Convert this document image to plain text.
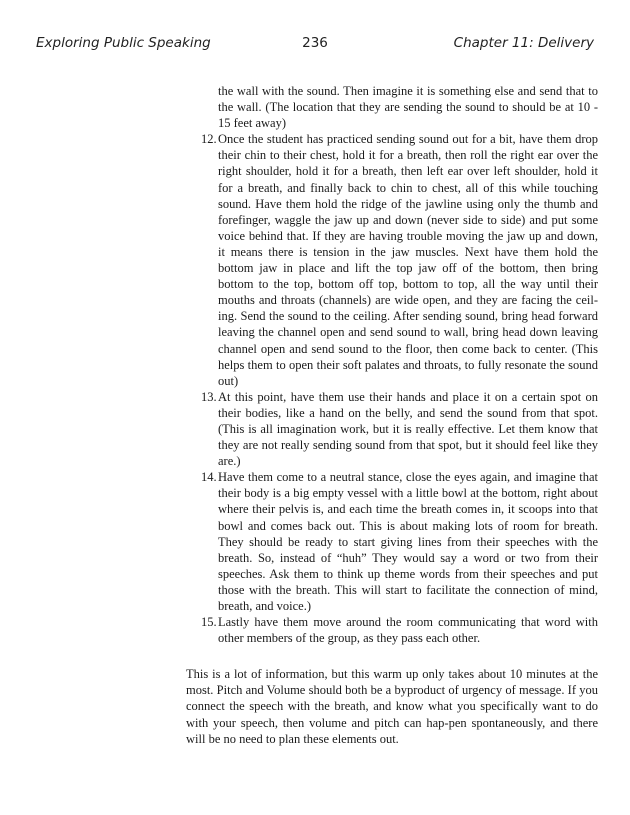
Exploring Public Speaking	236	Chapter 11: Delivery
the wall with the sound. Then imagine it is something else and send that to the wall. (The location that they are sending the sound to should be at 10 - 15 feet away)
12. Once the student has practiced sending sound out for a bit, have them drop their chin to their chest, hold it for a breath, then roll the right ear over the right shoulder, hold it for a breath, then left ear over left shoulder, hold it for a breath, and finally back to chin to chest, all of this while touching sound. Have them hold the ridge of the jawline using only the thumb and forefinger, waggle the jaw up and down (never side to side) and put some voice behind that. If they are having trouble moving the jaw up and down, it means there is tension in the jaw muscles. Next have them hold the bottom jaw in place and lift the top jaw off of the bottom, then bring bottom to the top, bottom off top, bottom to top, all the way until their mouths and throats (channels) are wide open, and they are facing the ceil-ing. Send the sound to the ceiling. After sending sound, bring head forward leaving the channel open and send sound to wall, bring head down leaving channel open and send sound to the floor, then come back to center. (This helps them to open their soft palates and throats, to fully resonate the sound out)
13. At this point, have them use their hands and place it on a certain spot on their bodies, like a hand on the belly, and send the sound from that spot. (This is all imagination work, but it is really effective. Let them know that they are not really sending sound from that spot, but it should feel like they are.)
14. Have them come to a neutral stance, close the eyes again, and imagine that their body is a big empty vessel with a little bowl at the bottom, right about where their pelvis is, and each time the breath comes in, it scoops into that bowl and comes back out. This is about making lots of room for breath. They should be ready to start giving lines from their speeches with the breath. So, instead of “huh” They would say a word or two from their speeches. Ask them to think up theme words from their speeches and put those with the breath. This will start to facilitate the connection of mind, breath, and voice.)
15. Lastly have them move around the room communicating that word with other members of the group, as they pass each other.

This is a lot of information, but this warm up only takes about 10 minutes at the most. Pitch and Volume should both be a byproduct of urgency of message. If you connect the speech with the breath, and know what you specifically want to do with your speech, then volume and pitch can hap-pen spontaneously, and there will be no need to plan these elements out.
